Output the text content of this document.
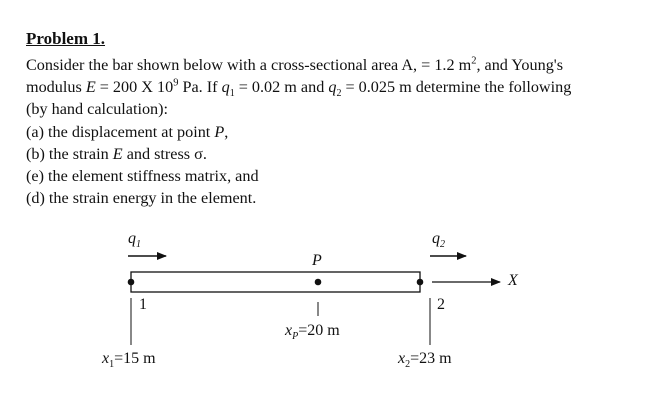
Problem 1.

Consider the bar shown below with a cross-sectional area A, = 1.2 $m^2$, and Young's
modulus E = 200 X $10^9$ Pa. If $q_1 = 0.02$ m and $q_2 = 0.025$ m determine the following
(by hand calculation):

(a) the displacement at point P,
(b) the strain E and stress σ.
(e) the element stiffness matrix, and
(d) the strain energy in the element.
$q_1$	$q_2$
P
X
1	2
$x_P=20$ m
$x_1=15$ m	$x_2=23$ m
